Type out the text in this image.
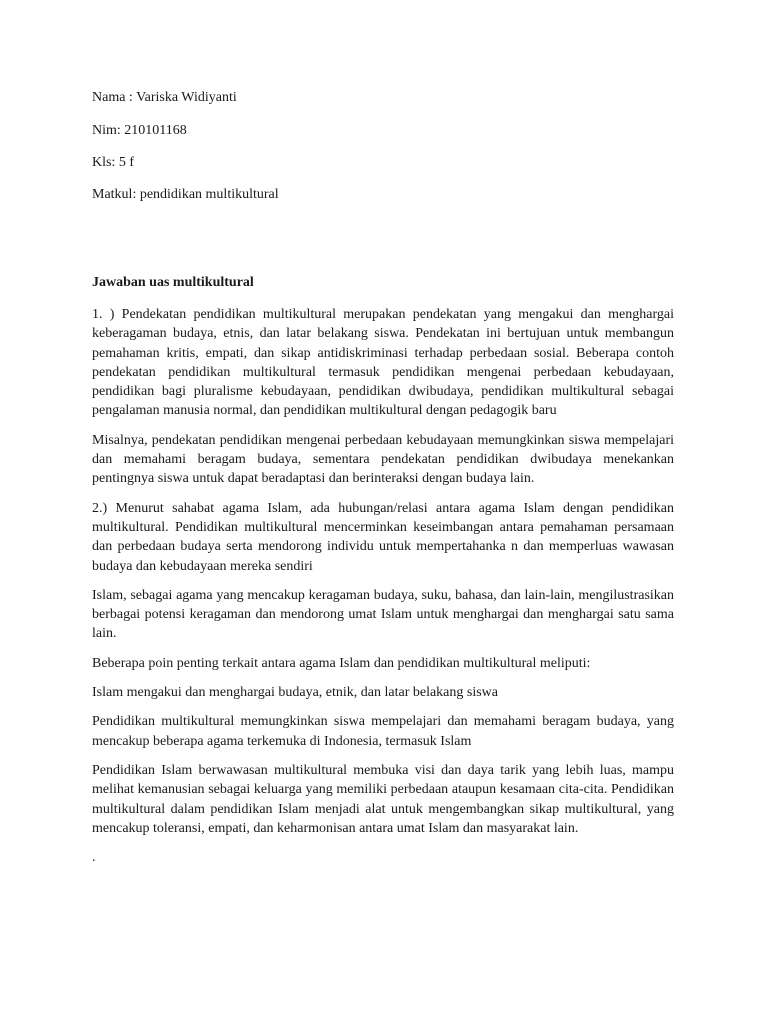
Nama : Variska Widiyanti
Nim: 210101168
Kls: 5 f
Matkul: pendidikan multikultural
Jawaban uas multikultural

1. ) Pendekatan pendidikan multikultural merupakan pendekatan yang mengakui dan menghargai keberagaman budaya, etnis, dan latar belakang siswa. Pendekatan ini bertujuan untuk membangun pemahaman kritis, empati, dan sikap antidiskriminasi terhadap perbedaan sosial. Beberapa contoh pendekatan pendidikan multikultural termasuk pendidikan mengenai perbedaan kebudayaan, pendidikan bagi pluralisme kebudayaan, pendidikan dwibudaya, pendidikan multikultural sebagai pengalaman manusia normal, dan pendidikan multikultural dengan pedagogik baru

Misalnya, pendekatan pendidikan mengenai perbedaan kebudayaan memungkinkan siswa mempelajari dan memahami beragam budaya, sementara pendekatan pendidikan dwibudaya menekankan pentingnya siswa untuk dapat beradaptasi dan berinteraksi dengan budaya lain.

2.) Menurut sahabat agama Islam, ada hubungan/relasi antara agama Islam dengan pendidikan multikultural. Pendidikan multikultural mencerminkan keseimbangan antara pemahaman persamaan dan perbedaan budaya serta mendorong individu untuk mempertahanka n dan memperluas wawasan budaya dan kebudayaan mereka sendiri

Islam, sebagai agama yang mencakup keragaman budaya, suku, bahasa, dan lain-lain, mengilustrasikan berbagai potensi keragaman dan mendorong umat Islam untuk menghargai dan menghargai satu sama lain.

Beberapa poin penting terkait antara agama Islam dan pendidikan multikultural meliputi:

Islam mengakui dan menghargai budaya, etnik, dan latar belakang siswa

Pendidikan multikultural memungkinkan siswa mempelajari dan memahami beragam budaya, yang mencakup beberapa agama terkemuka di Indonesia, termasuk Islam

Pendidikan Islam berwawasan multikultural membuka visi dan daya tarik yang lebih luas, mampu melihat kemanusian sebagai keluarga yang memiliki perbedaan ataupun kesamaan cita-cita. Pendidikan multikultural dalam pendidikan Islam menjadi alat untuk mengembangkan sikap multikultural, yang mencakup toleransi, empati, dan keharmonisan antara umat Islam dan masyarakat lain.

.
